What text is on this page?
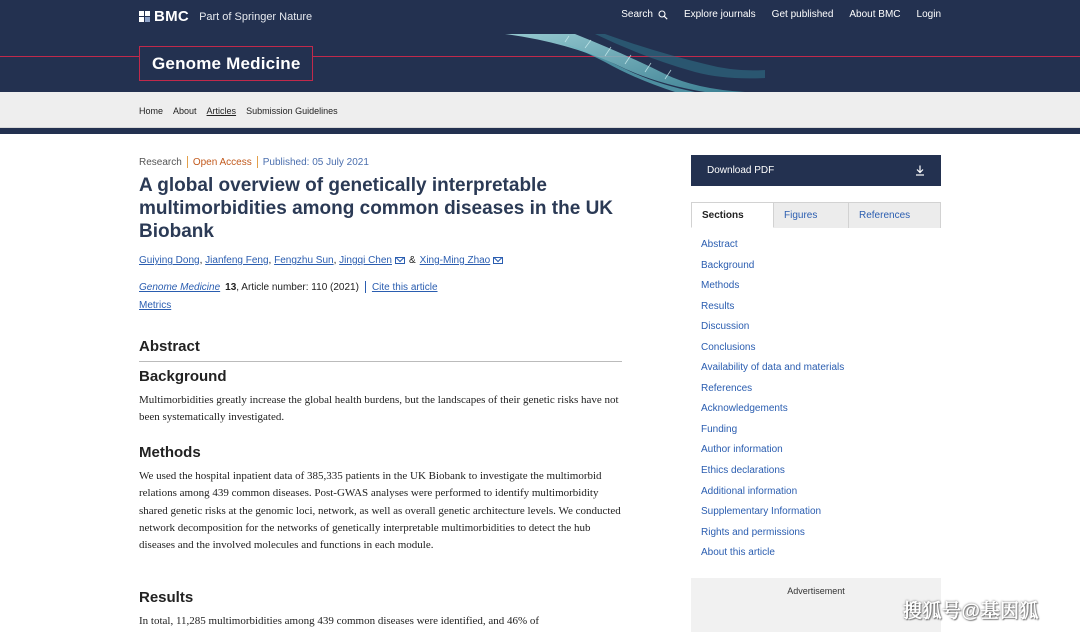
BMC Part of Springer Nature	Search	Explore journals Get published About BMC Login
Genome Medicine
Home About Articles Submission Guidelines
Research Open Access Published: 05 July 2021
A global overview of genetically interpretable multimorbidities among common diseases in the UK Biobank
Guiying Dong , Jianfeng Feng , Fengzhu Sun , Jingqi Chen & Xing-Ming Zhao
Genome Medicine 13 , Article number: 110 (2021) Cite this article
Metrics
Abstract
Background

Multimorbidities greatly increase the global health burdens, but the landscapes of their genetic risks have not been systematically investigated.

Methods

We used the hospital inpatient data of 385,335 patients in the UK Biobank to investigate the multimorbid relations among 439 common diseases. Post-GWAS analyses were performed to identify multimorbidity shared genetic risks at the genomic loci, network, as well as overall genetic architecture levels. We conducted network decomposition for the networks of genetically interpretable multimorbidities to detect the hub diseases and the involved molecules and functions in each module.

Results

In total, 11,285 multimorbidities among 439 common diseases were identified, and 46% of

Download PDF
Sections	Figures	References
Abstract
Background
Methods
Results
Discussion
Conclusions
Availability of data and materials
References
Acknowledgements
Funding
Author information
Ethics declarations
Additional information
Supplementary Information
Rights and permissions
About this article
Advertisement
搜狐号@基因狐
